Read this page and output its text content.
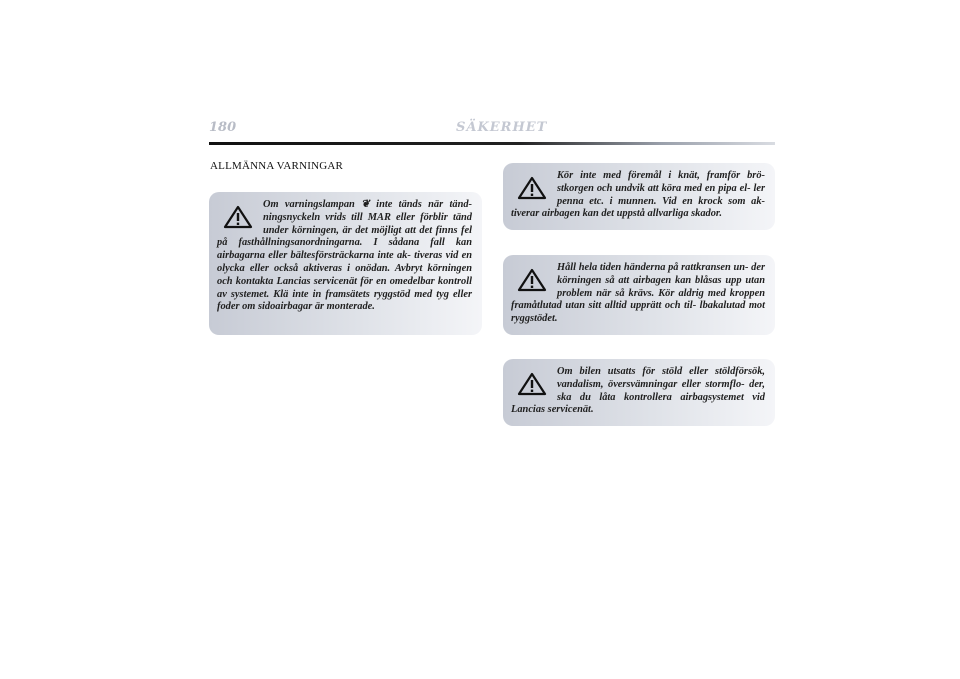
180	SÄKERHET
ALLMÄNNA VARNINGAR
Om varningslampan ❦ inte tänds när tänd- ningsnyckeln vrids till MAR eller förblir tänd under körningen, är det möjligt att det finns fel på fasthållningsanordningarna. I sådana fall kan airbagarna eller bältesförsträckarna inte ak- tiveras vid en olycka eller också aktiveras i onödan. Avbryt körningen och kontakta Lancias servicenät för en omedelbar kontroll av systemet. Klä inte in framsätets ryggstöd med tyg eller foder om sidoairbagar är monterade.
Kör inte med föremål i knät, framför brö- stkorgen och undvik att köra med en pipa el- ler penna etc. i munnen. Vid en krock som ak- tiverar airbagen kan det uppstå allvarliga skador.
Håll hela tiden händerna på rattkransen un- der körningen så att airbagen kan blåsas upp utan problem när så krävs. Kör aldrig med kroppen framåtlutad utan sitt alltid upprätt och til- lbakalutad mot ryggstödet.
Om bilen utsatts för stöld eller stöldförsök, vandalism, översvämningar eller stormflo- der, ska du låta kontrollera airbagsystemet vid Lancias servicenät.
